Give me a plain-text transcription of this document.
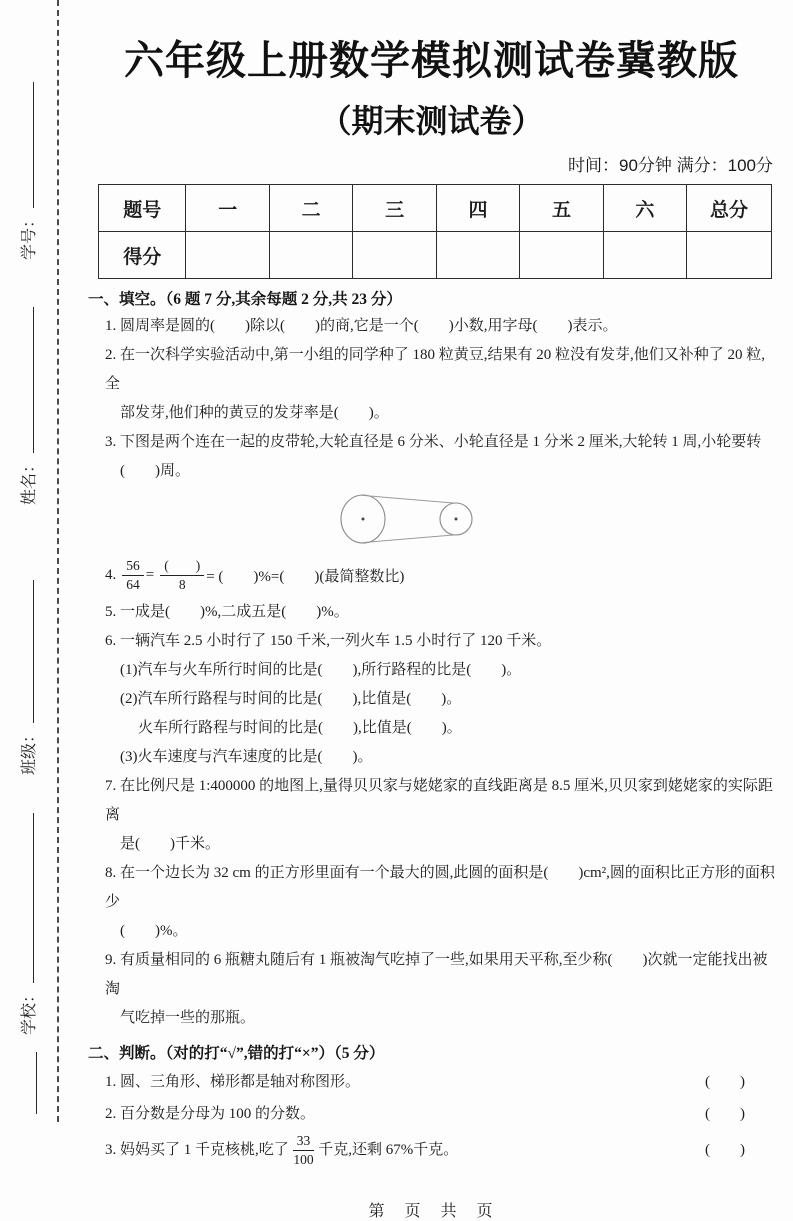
学号：
姓名：
班级：
学校：
六年级上册数学模拟测试卷冀教版
（期末测试卷）
时间：90分钟 满分：100分
题号	一	二	三	四	五	六	总分
得分							
一、填空。（6 题 7 分,其余每题 2 分,共 23 分）
1. 圆周率是圆的(　　)除以(　　)的商,它是一个(　　)小数,用字母(　　)表示。
2. 在一次科学实验活动中,第一小组的同学种了 180 粒黄豆,结果有 20 粒没有发芽,他们又补种了 20 粒,全
部发芽,他们种的黄豆的发芽率是(　　)。
3. 下图是两个连在一起的皮带轮,大轮直径是 6 分米、小轮直径是 1 分米 2 厘米,大轮转 1 周,小轮要转
(　　)周。
4. $\frac{56}{64} = \frac{( )}{8}$ = (　　)%=(　　)(最简整数比)
5. 一成是(　　)%,二成五是(　　)%。
6. 一辆汽车 2.5 小时行了 150 千米,一列火车 1.5 小时行了 120 千米。
(1)汽车与火车所行时间的比是(　　),所行路程的比是(　　)。
(2)汽车所行路程与时间的比是(　　),比值是(　　)。
火车所行路程与时间的比是(　　),比值是(　　)。
(3)火车速度与汽车速度的比是(　　)。
7. 在比例尺是 1:400000 的地图上,量得贝贝家与姥姥家的直线距离是 8.5 厘米,贝贝家到姥姥家的实际距离
是(　　)千米。
8. 在一个边长为 32 cm 的正方形里面有一个最大的圆,此圆的面积是(　　)cm²,圆的面积比正方形的面积少
(　　)%。
9. 有质量相同的 6 瓶糖丸随后有 1 瓶被淘气吃掉了一些,如果用天平称,至少称(　　)次就一定能找出被淘
气吃掉一些的那瓶。
二、判断。（对的打“√”,错的打“×”）（5 分）
1. 圆、三角形、梯形都是轴对称图形。	(　　)
2. 百分数是分母为 100 的分数。	(　　)
3. 妈妈买了 1 千克核桃,吃了 $\frac{33}{100}$ 千克,还剩 67%千克。	(　　)
第　页　共　页
